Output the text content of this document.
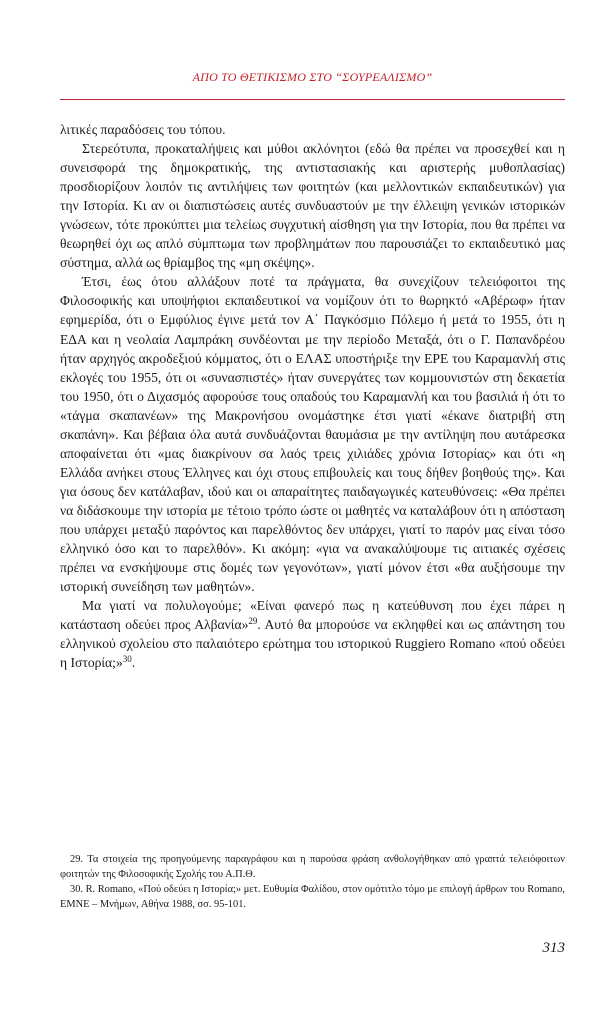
ΑΠΟ ΤΟ ΘΕΤΙΚΙΣΜΟ ΣΤΟ “ΣΟΥΡΕΑΛΙΣΜΟ”

λιτικές παραδόσεις του τόπου.

Στερεότυπα, προκαταλήψεις και μύθοι ακλόνητοι (εδώ θα πρέπει να προσεχθεί και η συνεισφορά της δημοκρατικής, της αντιστασιακής και αριστερής μυθοπλασίας) προσδιορίζουν λοιπόν τις αντιλήψεις των φοιτητών (και μελλοντικών εκπαιδευτικών) για την Ιστορία. Κι αν οι διαπιστώσεις αυτές συνδυαστούν με την έλλειψη γενικών ιστορικών γνώσεων, τότε προκύπτει μια τελείως συγχυτική αίσθηση για την Ιστορία, που θα πρέπει να θεωρηθεί όχι ως απλό σύμπτωμα των προβλημάτων που παρουσιάζει το εκπαιδευτικό μας σύστημα, αλλά ως θρίαμβος της «μη σκέψης».

Έτσι, έως ότου αλλάξουν ποτέ τα πράγματα, θα συνεχίζουν τελειόφοιτοι της Φιλοσοφικής και υποψήφιοι εκπαιδευτικοί να νομίζουν ότι το θωρηκτό «Αβέρωφ» ήταν εφημερίδα, ότι ο Εμφύλιος έγινε μετά τον Α΄ Παγκόσμιο Πόλεμο ή μετά το 1955, ότι η ΕΔΑ και η νεολαία Λαμπράκη συνδέονται με την περίοδο Μεταξά, ότι ο Γ. Παπανδρέου ήταν αρχηγός ακροδεξιού κόμματος, ότι ο ΕΛΑΣ υποστήριξε την ΕΡΕ του Καραμανλή στις εκλογές του 1955, ότι οι «συνασπιστές» ήταν συνεργάτες των κομμουνιστών στη δεκαετία του 1950, ότι ο Διχασμός αφορούσε τους οπαδούς του Καραμανλή και του βασιλιά ή ότι το «τάγμα σκαπανέων» της Μακρονήσου ονομάστηκε έτσι γιατί «έκανε διατριβή στη σκαπάνη». Και βέβαια όλα αυτά συνδυάζονται θαυμάσια με την αντίληψη που αυτάρεσκα αποφαίνεται ότι «μας διακρίνουν σα λαός τρεις χιλιάδες χρόνια Ιστορίας» και ότι «η Ελλάδα ανήκει στους Έλληνες και όχι στους επιβουλείς και τους δήθεν βοηθούς της». Και για όσους δεν κατάλαβαν, ιδού και οι απαραίτητες παιδαγωγικές κατευθύνσεις: «Θα πρέπει να διδάσκουμε την ιστορία με τέτοιο τρόπο ώστε οι μαθητές να καταλάβουν ότι η απόσταση που υπάρχει μεταξύ παρόντος και παρελθόντος δεν υπάρχει, γιατί το παρόν μας είναι τόσο ελληνικό όσο και το παρελθόν». Κι ακόμη: «για να ανακαλύψουμε τις αιτιακές σχέσεις πρέπει να ενσκήψουμε στις δομές των γεγονότων», γιατί μόνον έτσι «θα αυξήσουμε την ιστορική συνείδηση των μαθητών».

Μα γιατί να πολυλογούμε; «Είναι φανερό πως η κατεύθυνση που έχει πάρει η κατάσταση οδεύει προς Αλβανία»$^{29}$. Αυτό θα μπορούσε να εκληφθεί και ως απάντηση του ελληνικού σχολείου στο παλαιότερο ερώτημα του ιστορικού Ruggiero Romano «πού οδεύει η Ιστορία;»$^{30}$.

29. Τα στοιχεία της προηγούμενης παραγράφου και η παρούσα φράση ανθολογήθηκαν από γραπτά τελειόφοιτων φοιτητών της Φιλοσοφικής Σχολής του Α.Π.Θ.

30. R. Romano, «Πού οδεύει η Ιστορία;» μετ. Ευθυμία Φαλίδου, στον ομότιτλο τόμο με επιλογή άρθρων του Romano, ΕΜΝΕ – Μνήμων, Αθήνα 1988, σσ. 95-101.

313
